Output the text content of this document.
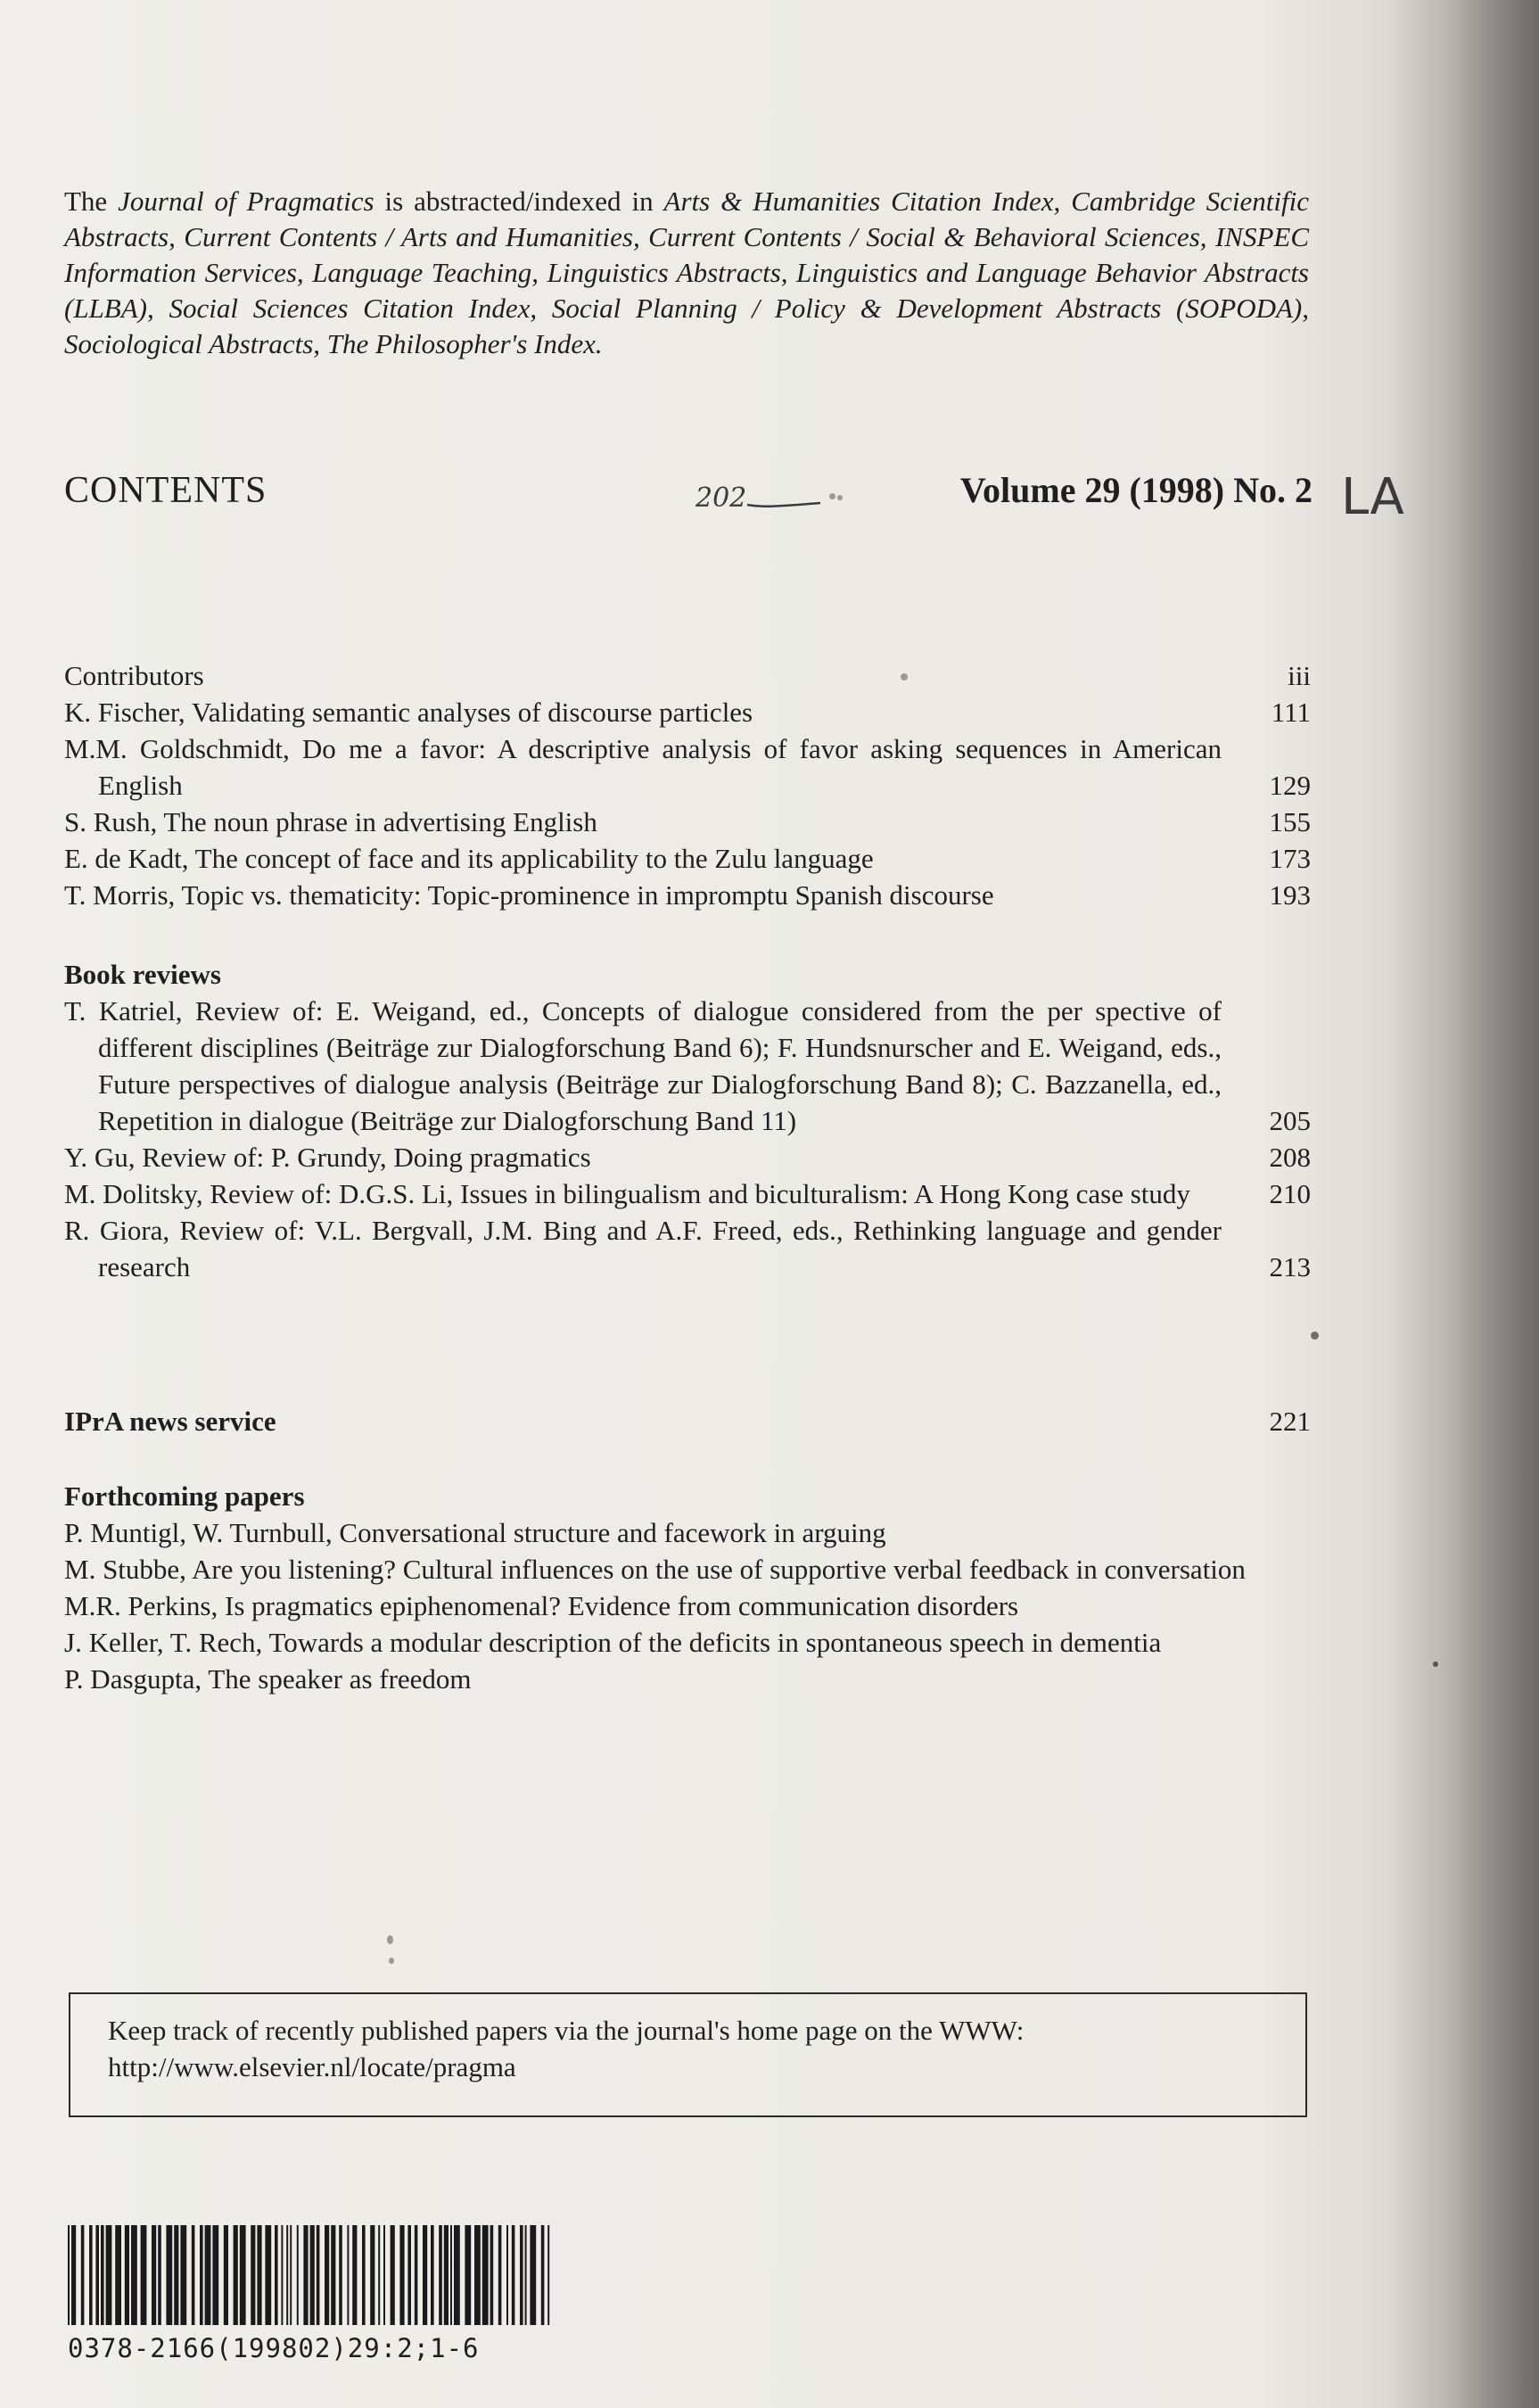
The Journal of Pragmatics is abstracted/indexed in Arts & Humanities Citation Index, Cambridge Scientific Abstracts, Current Contents / Arts and Humanities, Current Contents / Social & Behavioral Sciences, INSPEC Information Services, Language Teaching, Linguistics Abstracts, Linguistics and Language Behavior Abstracts (LLBA), Social Sciences Citation Index, Social Planning / Policy & Development Abstracts (SOPODA), Sociological Abstracts, The Philosopher's Index.

CONTENTS	202	Volume 29 (1998) No. 2 LA
Contributors	iii
K. Fischer, Validating semantic analyses of discourse particles	111
M.M. Goldschmidt, Do me a favor: A descriptive analysis of favor asking sequences in American English	129
S. Rush, The noun phrase in advertising English	155
E. de Kadt, The concept of face and its applicability to the Zulu language	173
T. Morris, Topic vs. thematicity: Topic-prominence in impromptu Spanish discourse	193
Book reviews
T. Katriel, Review of: E. Weigand, ed., Concepts of dialogue considered from the per spective of different disciplines (Beiträge zur Dialogforschung Band 6); F. Hundsnurscher and E. Weigand, eds., Future perspectives of dialogue analysis (Beiträge zur Dialogforschung Band 8); C. Bazzanella, ed., Repetition in dialogue (Beiträge zur Dialogforschung Band 11)	205
Y. Gu, Review of: P. Grundy, Doing pragmatics	208
M. Dolitsky, Review of: D.G.S. Li, Issues in bilingualism and biculturalism: A Hong Kong case study	210
R. Giora, Review of: V.L. Bergvall, J.M. Bing and A.F. Freed, eds., Rethinking language and gender research	213
IPrA news service	221
Forthcoming papers
P. Muntigl, W. Turnbull, Conversational structure and facework in arguing
M. Stubbe, Are you listening? Cultural influences on the use of supportive verbal feedback in conversation
M.R. Perkins, Is pragmatics epiphenomenal? Evidence from communication disorders
J. Keller, T. Rech, Towards a modular description of the deficits in spontaneous speech in dementia
P. Dasgupta, The speaker as freedom
Keep track of recently published papers via the journal's home page on the WWW:
http://www.elsevier.nl/locate/pragma
0378-2166(199802)29:2;1-6
